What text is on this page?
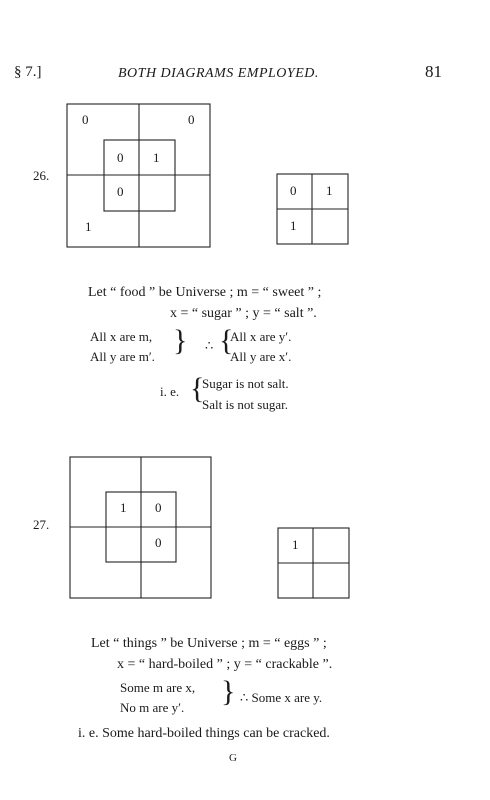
§ 7.]	BOTH DIAGRAMS EMPLOYED.	81
26.
0	0
0 1
0
1
0 1
1
Let “ food ” be Universe ; m = “ sweet ” ;
x = “ sugar ” ; y = “ salt ”.
All x are m,
All y are m′. } ∴ {
All x are y′.
All y are x′.
i. e. {
Sugar is not salt.
Salt is not sugar.
27.
1 0
0	1
Let “ things ” be Universe ; m = “ eggs ” ;
x = “ hard-boiled ” ; y = “ crackable ”.
Some m are x,
No m are y′. } ∴ Some x are y.
i. e. Some hard-boiled things can be cracked.
G
